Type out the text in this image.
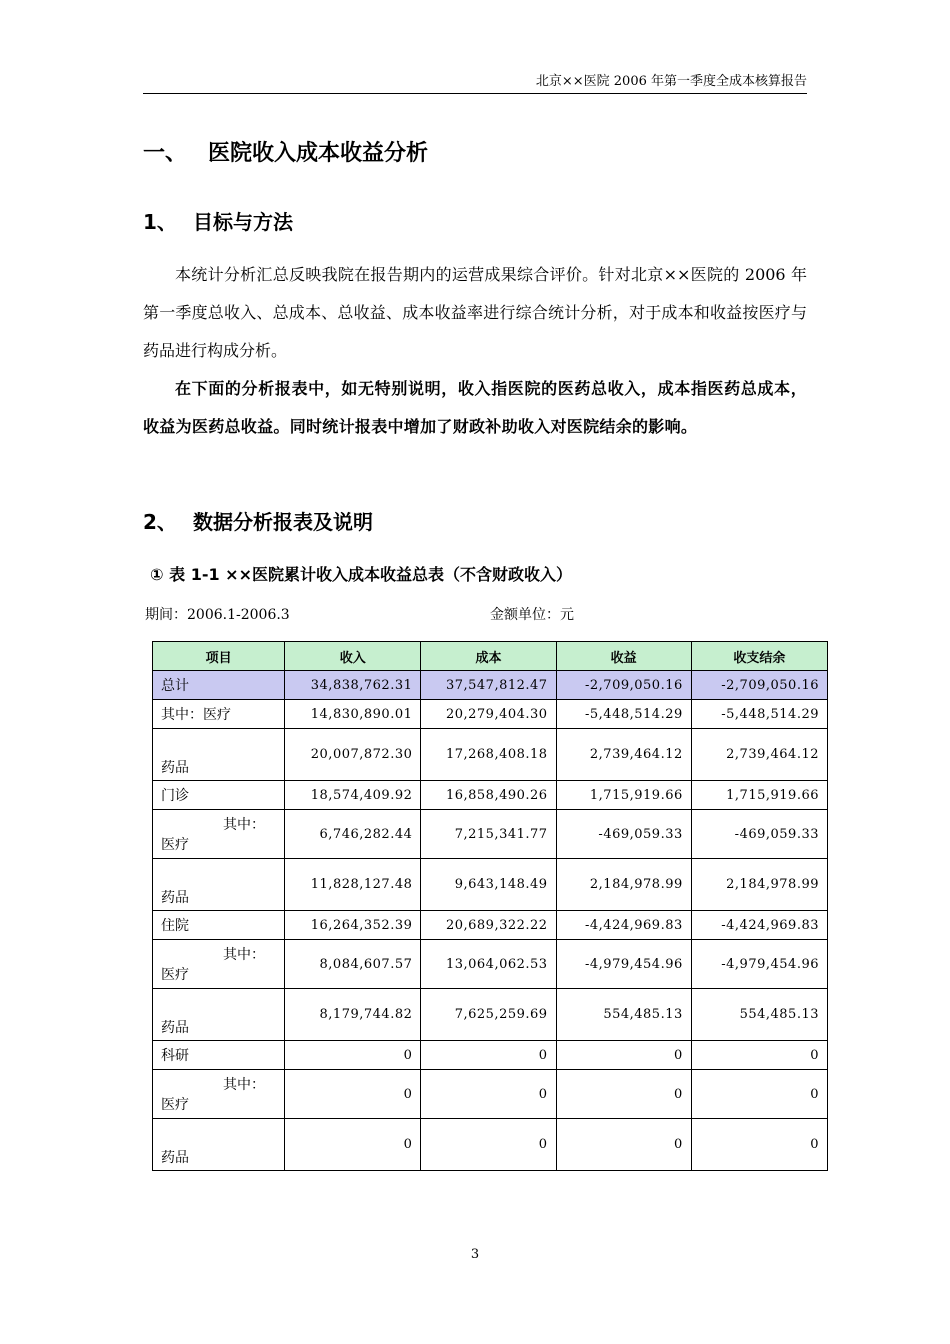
北京××医院 2006 年第一季度全成本核算报告
一、 医院收入成本收益分析
1、 目标与方法
本统计分析汇总反映我院在报告期内的运营成果综合评价。针对北京××医院的 2006 年第一季度总收入、总成本、总收益、成本收益率进行综合统计分析，对于成本和收益按医疗与药品进行构成分析。
在下面的分析报表中，如无特别说明，收入指医院的医药总收入，成本指医药总成本，收益为医药总收益。同时统计报表中增加了财政补助收入对医院结余的影响。
2、 数据分析报表及说明
① 表 1-1 ××医院累计收入成本收益总表（不含财政收入）
期间：2006.1-2006.3	金额单位：元
项目	收入	成本	收益	收支结余
总计	34,838,762.31	37,547,812.47	-2,709,050.16	-2,709,050.16
其中：医疗	14,830,890.01	20,279,404.30	-5,448,514.29	-5,448,514.29
药品	20,007,872.30	17,268,408.18	2,739,464.12	2,739,464.12
门诊	18,574,409.92	16,858,490.26	1,715,919.66	1,715,919.66

其中：
医疗	6,746,282.44	7,215,341.77	-469,059.33	-469,059.33
药品	11,828,127.48	9,643,148.49	2,184,978.99	2,184,978.99
住院	16,264,352.39	20,689,322.22	-4,424,969.83	-4,424,969.83

其中：
医疗	8,084,607.57	13,064,062.53	-4,979,454.96	-4,979,454.96
药品	8,179,744.82	7,625,259.69	554,485.13	554,485.13
科研	0	0	0	0

其中：
医疗	0	0	0	0
药品	0	0	0	0
3
